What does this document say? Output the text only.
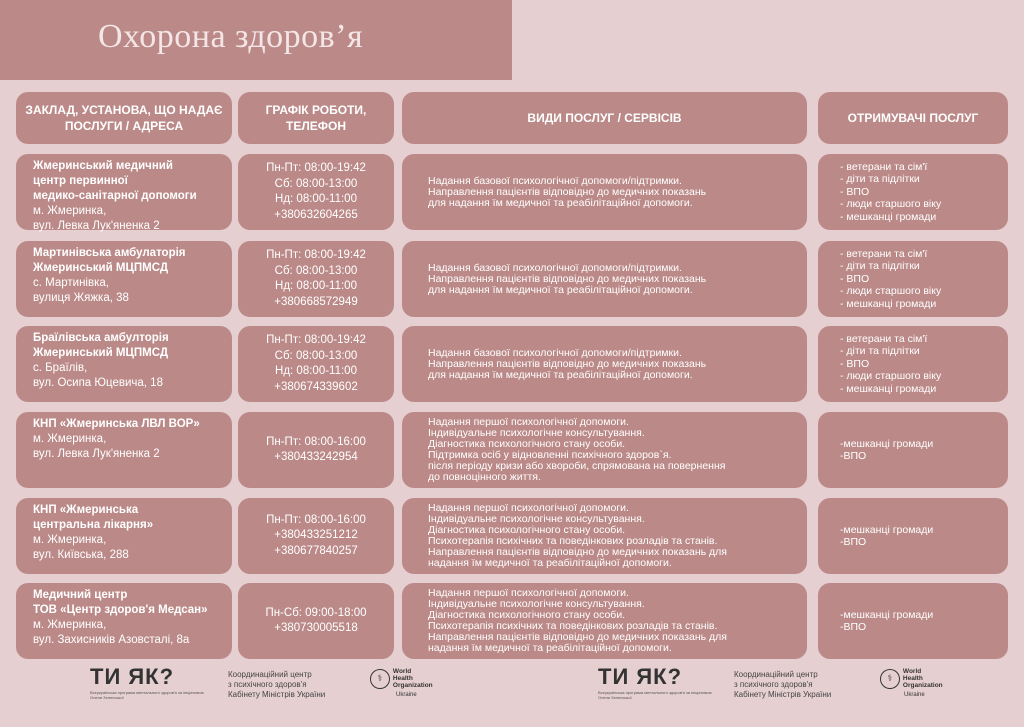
Охорона здоров’я
ЗАКЛАД, УСТАНОВА, ЩО НАДАЄ ПОСЛУГИ / АДРЕСА
ГРАФІК РОБОТИ, ТЕЛЕФОН
ВИДИ ПОСЛУГ / СЕРВІСІВ	ОТРИМУВАЧІ ПОСЛУГ
Жмеринський медичний
центр первинної
медико-санітарної допомоги
м. Жмеринка,
вул. Левка Лук'яненка 2
Пн-Пт: 08:00-19:42
Сб: 08:00-13:00
Нд: 08:00-11:00
+380632604265
Надання базової психологічної допомоги/підтримки.
Направлення пацієнтів відповідно до медичних показань
для надання їм медичної та реабілітаційної допомоги.
- ветерани та сім'ї
- діти та підлітки
- ВПО
- люди старшого віку
- мешканці громади
Мартинівська амбулаторія
Жмеринський МЦПМСД
с. Мартинівка,
вулиця Жяжка, 38
Пн-Пт: 08:00-19:42
Сб: 08:00-13:00
Нд: 08:00-11:00
+380668572949
Надання базової психологічної допомоги/підтримки.
Направлення пацієнтів відповідно до медичних показань
для надання їм медичної та реабілітаційної допомоги.
- ветерани та сім'ї
- діти та підлітки
- ВПО
- люди старшого віку
- мешканці громади
Браїлівська амбулторія
Жмеринський МЦПМСД
с. Браїлів,
вул. Осипа Юцевича, 18
Пн-Пт: 08:00-19:42
Сб: 08:00-13:00
Нд: 08:00-11:00
+380674339602
Надання базової психологічної допомоги/підтримки.
Направлення пацієнтів відповідно до медичних показань
для надання їм медичної та реабілітаційної допомоги.
- ветерани та сім'ї
- діти та підлітки
- ВПО
- люди старшого віку
- мешканці громади
КНП «Жмеринська ЛВЛ ВОР»
м. Жмеринка,
вул. Левка Лук'яненка 2
Пн-Пт: 08:00-16:00
+380433242954
Надання першої психологічної допомоги.
Індивідуальне психологічне консультування.
Діагностика психологічного стану особи.
Підтримка осіб у відновленні психічного здоров`я.
після періоду кризи або хвороби, спрямована на повернення
до повноцінного життя.
-мешканці громади
-ВПО
КНП «Жмеринська
центральна лікарня»
м. Жмеринка,
вул. Київська, 288
Пн-Пт: 08:00-16:00
+380433251212
+380677840257
Надання першої психологічної допомоги.
Індивідуальне психологічне консультування.
Діагностика психологічного стану особи.
Психотерапія психічних та поведінкових розладів та станів.
Направлення пацієнтів відповідно до медичних показань для
надання їм медичної та реабілітаційної допомоги.
-мешканці громади
-ВПО
Медичний центр
ТОВ «Центр здоров'я Медсан»
м. Жмеринка,
вул. Захисників Азовсталі, 8а
Пн-Сб: 09:00-18:00
+380730005518
Надання першої психологічної допомоги.
Індивідуальне психологічне консультування.
Діагностика психологічного стану особи.
Психотерапія психічних та поведінкових розладів та станів.
Направлення пацієнтів відповідно до медичних показань для
надання їм медичної та реабілітаційної допомоги.
-мешканці громади
-ВПО
ТИ ЯК?
Всеукраїнська програма ментального здоров'я за ініціативою Олени Зеленської
Координаційний центр
з психічного здоров'я
Кабінету Міністрів України
⚕
World Health
Organization
Ukraine
ТИ ЯК?
Всеукраїнська програма ментального здоров'я за ініціативою Олени Зеленської
Координаційний центр
з психічного здоров'я
Кабінету Міністрів України
⚕
World Health
Organization
Ukraine
